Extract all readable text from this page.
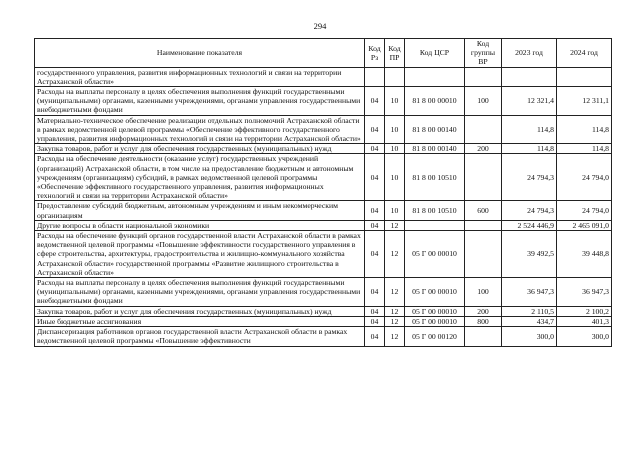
294
Наименование показателя	Код Рз	Код ПР	Код ЦСР	Код группы ВР	2023 год	2024 год
государственного управления, развития информационных технологий и связи на территории Астраханской области»						
Расходы на выплаты персоналу в целях обеспечения выполнения функций государственными (муниципальными) органами, казенными учреждениями, органами управления государственными внебюджетными фондами	04	10	81 8 00 00010	100	12 321,4	12 311,1
Материально-техническое обеспечение реализации отдельных полномочий Астраханской области в рамках ведомственной целевой программы «Обеспечение эффективного государственного управления, развития информационных технологий и связи на территории Астраханской области»	04	10	81 8 00 00140		114,8	114,8
Закупка товаров, работ и услуг для обеспечения государственных (муниципальных) нужд	04	10	81 8 00 00140	200	114,8	114,8
Расходы на обеспечение деятельности (оказание услуг) государственных учреждений (организаций) Астраханской области, в том числе на предоставление бюджетным и автономным учреждениям (организациям) субсидий, в рамках ведомственной целевой программы «Обеспечение эффективного государственного управления, развития информационных технологий и связи на территории Астраханской области»	04	10	81 8 00 10510		24 794,3	24 794,0
Предоставление субсидий бюджетным, автономным учреждениям и иным некоммерческим организациям	04	10	81 8 00 10510	600	24 794,3	24 794,0
Другие вопросы в области национальной экономики	04	12			2 524 446,9	2 465 091,0
Расходы на обеспечение функций органов государственной власти Астраханской области в рамках ведомственной целевой программы «Повышение эффективности государственного управления в сфере строительства, архитектуры, градостроительства и жилищно-коммунального хозяйства Астраханской области» государственной программы «Развитие жилищного строительства в Астраханской области»	04	12	05 Г 00 00010		39 492,5	39 448,8
Расходы на выплаты персоналу в целях обеспечения выполнения функций государственными (муниципальными) органами, казенными учреждениями, органами управления государственными внебюджетными фондами	04	12	05 Г 00 00010	100	36 947,3	36 947,3
Закупка товаров, работ и услуг для обеспечения государственных (муниципальных) нужд	04	12	05 Г 00 00010	200	2 110,5	2 100,2
Иные бюджетные ассигнования	04	12	05 Г 00 00010	800	434,7	401,3
Диспансеризация работников органов государственной власти Астраханской области в рамках ведомственной целевой программы «Повышение эффективности	04	12	05 Г 00 00120		300,0	300,0
